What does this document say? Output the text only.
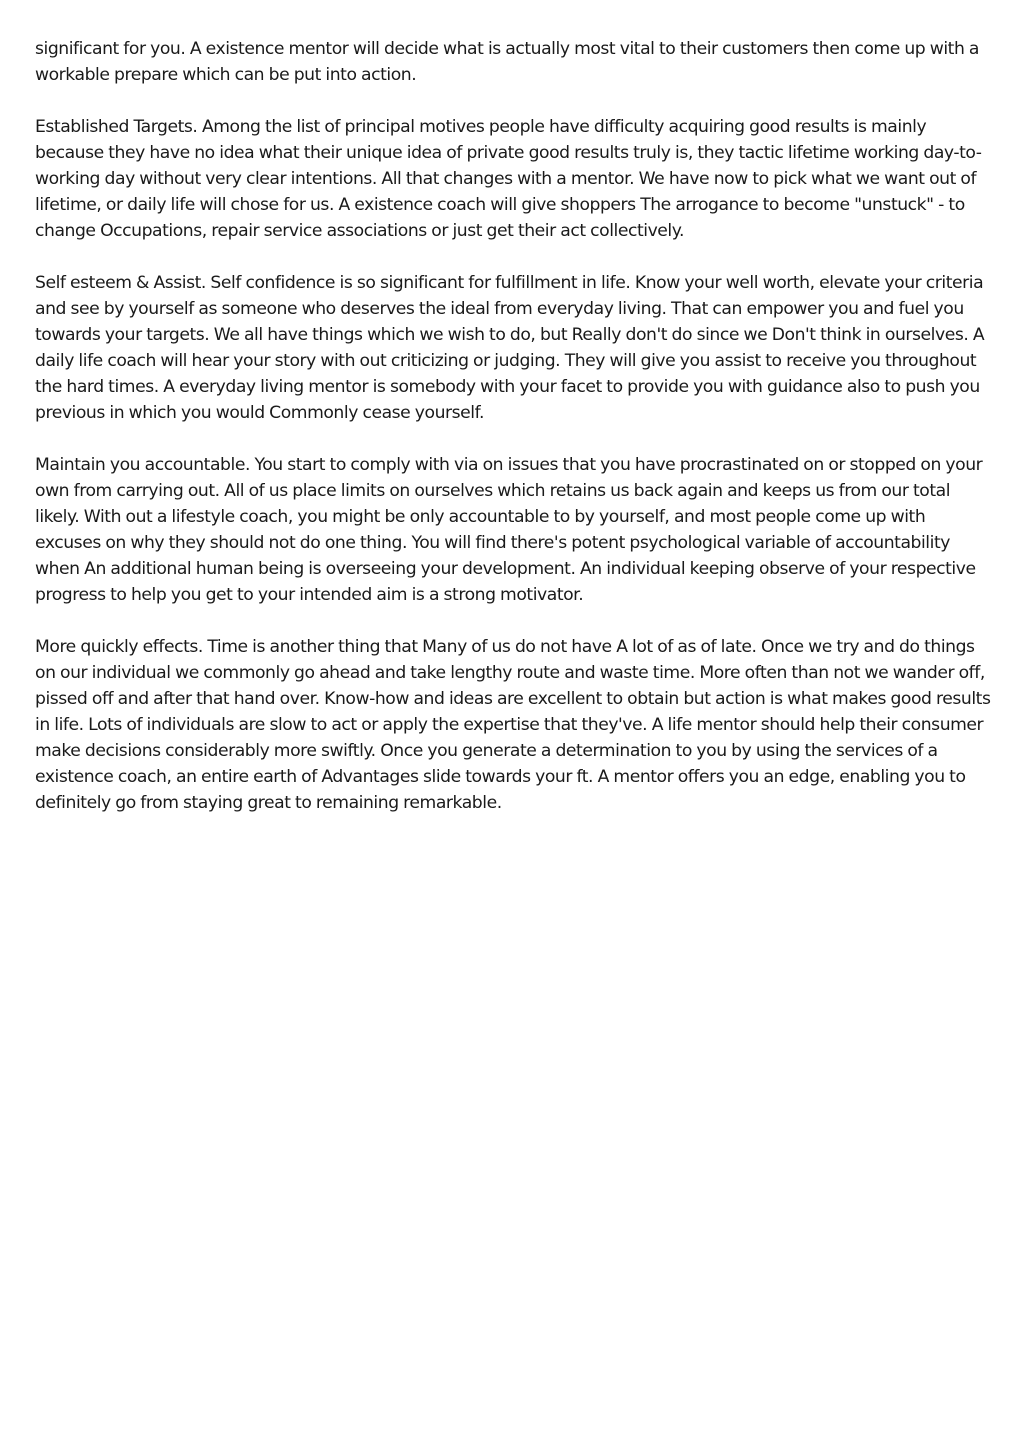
significant for you. A existence mentor will decide what is actually most vital to their customers then come up with a workable prepare which can be put into action.

Established Targets. Among the list of principal motives people have difficulty acquiring good results is mainly because they have no idea what their unique idea of private good results truly is, they tactic lifetime working day-to-working day without very clear intentions. All that changes with a mentor. We have now to pick what we want out of lifetime, or daily life will chose for us. A existence coach will give shoppers The arrogance to become "unstuck" - to change Occupations, repair service associations or just get their act collectively.

Self esteem & Assist. Self confidence is so significant for fulfillment in life. Know your well worth, elevate your criteria and see by yourself as someone who deserves the ideal from everyday living. That can empower you and fuel you towards your targets. We all have things which we wish to do, but Really don't do since we Don't think in ourselves. A daily life coach will hear your story with out criticizing or judging. They will give you assist to receive you throughout the hard times. A everyday living mentor is somebody with your facet to provide you with guidance also to push you previous in which you would Commonly cease yourself.

Maintain you accountable. You start to comply with via on issues that you have procrastinated on or stopped on your own from carrying out. All of us place limits on ourselves which retains us back again and keeps us from our total likely. With out a lifestyle coach, you might be only accountable to by yourself, and most people come up with excuses on why they should not do one thing. You will find there's potent psychological variable of accountability when An additional human being is overseeing your development. An individual keeping observe of your respective progress to help you get to your intended aim is a strong motivator.

More quickly effects. Time is another thing that Many of us do not have A lot of as of late. Once we try and do things on our individual we commonly go ahead and take lengthy route and waste time. More often than not we wander off, pissed off and after that hand over. Know-how and ideas are excellent to obtain but action is what makes good results in life. Lots of individuals are slow to act or apply the expertise that they've. A life mentor should help their consumer make decisions considerably more swiftly. Once you generate a determination to you by using the services of a existence coach, an entire earth of Advantages slide towards your ft. A mentor offers you an edge, enabling you to definitely go from staying great to remaining remarkable.
